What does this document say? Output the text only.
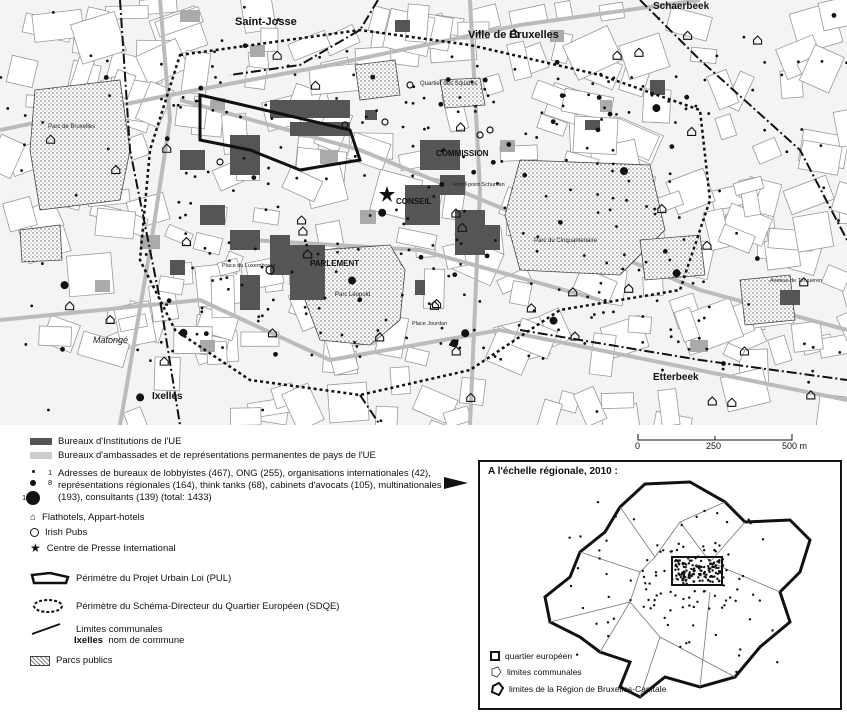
Saint-Josse
Ville de Bruxelles
Schaerbeek
COMMISSION
CONSEIL
PARLEMENT
Etterbeek
Ixelles
Matongé
Parc de Bruxelles
Quartier des Squares
Rond-point Schuman
Parc du Cinquantenaire
Parc Léopold
Place du Luxembourg
Place Jourdan
Avenue de Tervueren
Bureaux d'Institutions de l'UE
Bureaux d'ambassades et de représentations permanentes de pays de l'UE
1
8
18
Adresses de bureaux de lobbyistes (467), ONG (255), organisations internationales (42), représentations régionales (164), think tanks (68), cabinets d'avocats (105), multinationales (193), consultants (139) (total: 1433)
⌂ Flathotels, Appart-hotels
Irish Pubs
★ Centre de Presse International
Périmètre du Projet Urbain Loi (PUL)
Périmètre du Schéma-Directeur du Quartier Européen (SDQE)
Limites communales
Ixelles nom de commune
Parcs publics
0	250	500 m
A l'échelle régionale, 2010 :
quartier européen
limites communales
limites de la Région de Bruxelles-Capitale
